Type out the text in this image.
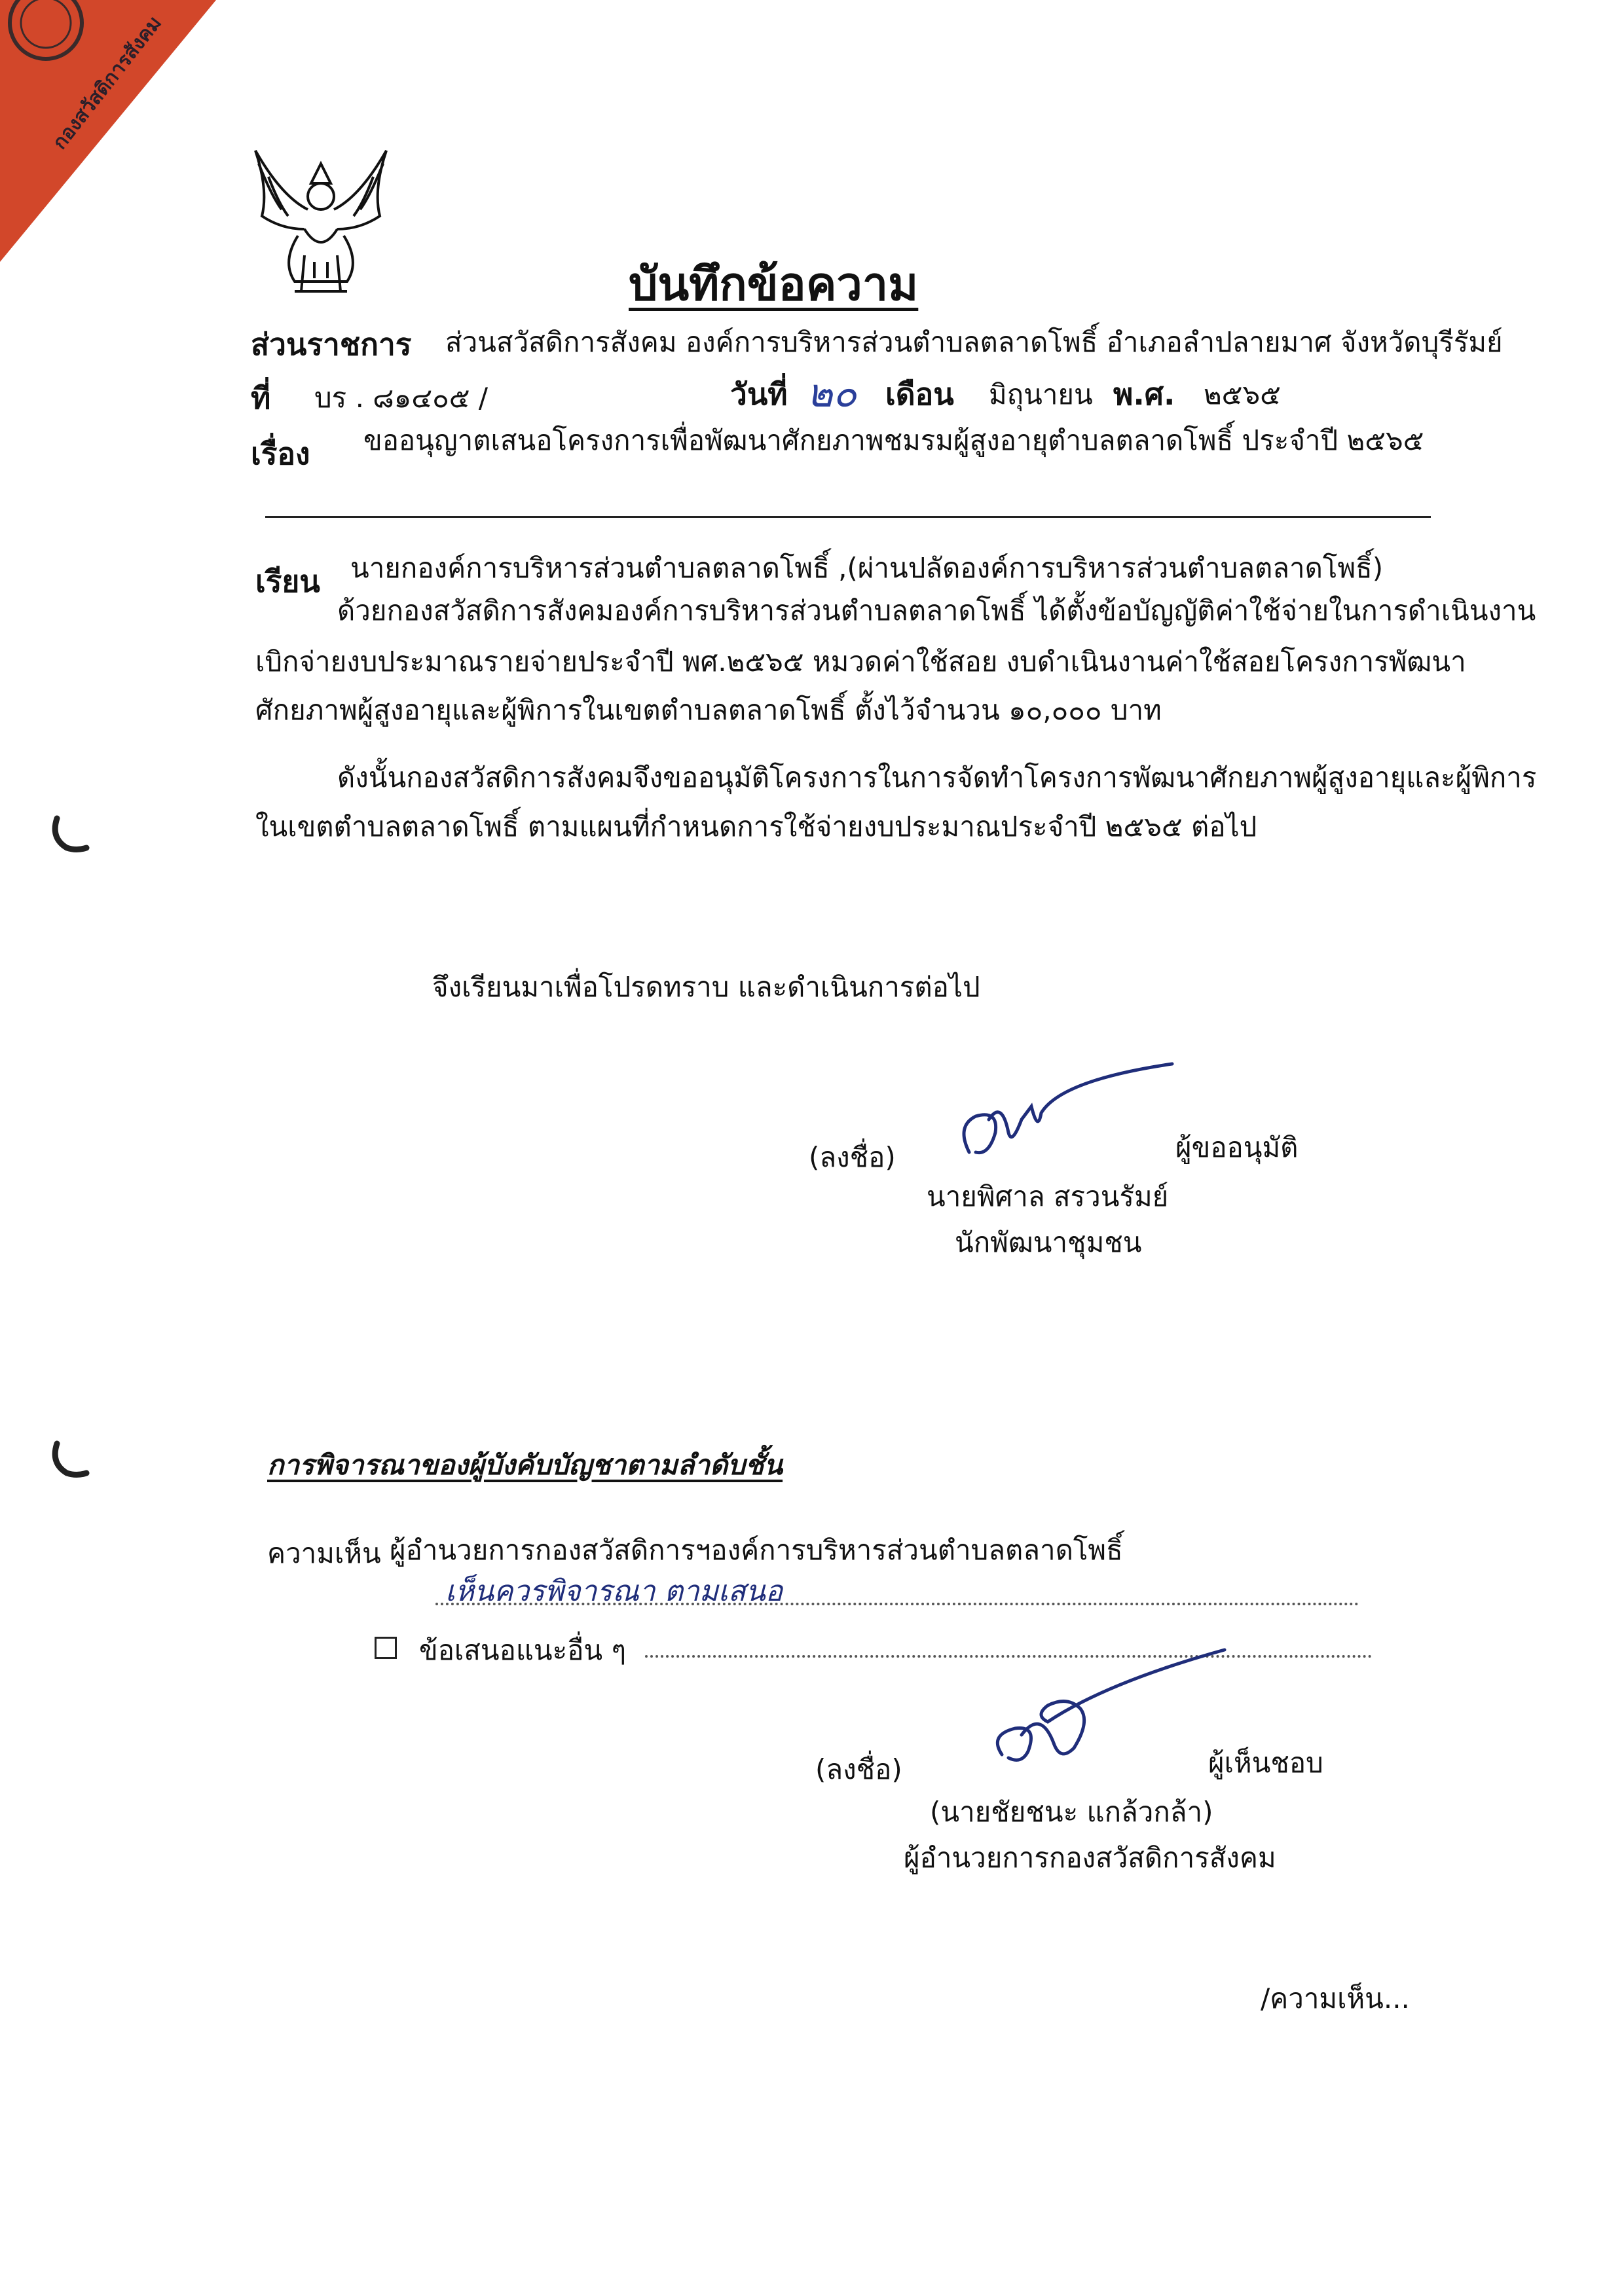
กองสวัสดิการสังคม
บันทึกข้อความ
ส่วนราชการ ส่วนสวัสดิการสังคม องค์การบริหารส่วนตำบลตลาดโพธิ์ อำเภอลำปลายมาศ จังหวัดบุรีรัมย์
ที่ บร . ๘๑๔๐๕ /	วันที่ ๒๐ เดือน มิถุนายน พ.ศ. ๒๕๖๕
เรื่อง ขออนุญาตเสนอโครงการเพื่อพัฒนาศักยภาพชมรมผู้สูงอายุตำบลตลาดโพธิ์ ประจำปี ๒๕๖๕
เรียน นายกองค์การบริหารส่วนตำบลตลาดโพธิ์ ,(ผ่านปลัดองค์การบริหารส่วนตำบลตลาดโพธิ์)
ด้วยกองสวัสดิการสังคมองค์การบริหารส่วนตำบลตลาดโพธิ์ ได้ตั้งข้อบัญญัติค่าใช้จ่ายในการดำเนินงาน
เบิกจ่ายงบประมาณรายจ่ายประจำปี พศ.๒๕๖๕ หมวดค่าใช้สอย งบดำเนินงานค่าใช้สอยโครงการพัฒนา
ศักยภาพผู้สูงอายุและผู้พิการในเขตตำบลตลาดโพธิ์ ตั้งไว้จำนวน ๑๐,๐๐๐ บาท
ดังนั้นกองสวัสดิการสังคมจึงขออนุมัติโครงการในการจัดทำโครงการพัฒนาศักยภาพผู้สูงอายุและผู้พิการ
ในเขตตำบลตลาดโพธิ์ ตามแผนที่กำหนดการใช้จ่ายงบประมาณประจำปี ๒๕๖๕ ต่อไป
จึงเรียนมาเพื่อโปรดทราบ และดำเนินการต่อไป
(ลงชื่อ)	ผู้ขออนุมัติ
นายพิศาล สรวนรัมย์
นักพัฒนาชุมชน
การพิจารณาของผู้บังคับบัญชาตามลำดับชั้น
ความเห็น ผู้อำนวยการกองสวัสดิการฯองค์การบริหารส่วนตำบลตลาดโพธิ์
เห็นควรพิจารณา ตามเสนอ
ข้อเสนอแนะอื่น ๆ
(ลงชื่อ)	ผู้เห็นชอบ
(นายชัยชนะ แกล้วกล้า)
ผู้อำนวยการกองสวัสดิการสังคม
/ความเห็น...
